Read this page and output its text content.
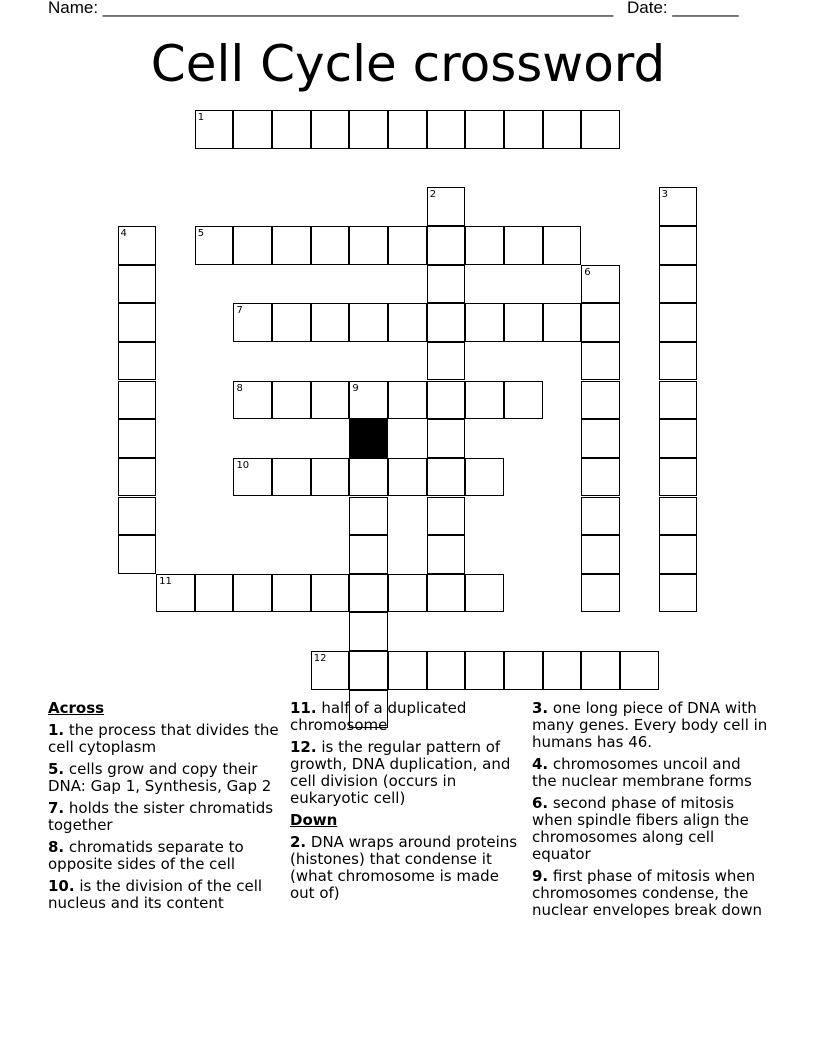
Name: ______________________________________________________ Date: _______
Cell Cycle crossword
1
2	3
4	5
6
7
8	9
10
11
12
Across
1. the process that divides the cell cytoplasm
5. cells grow and copy their DNA: Gap 1, Synthesis, Gap 2
7. holds the sister chromatids together
8. chromatids separate to opposite sides of the cell
10. is the division of the cell nucleus and its content
11. half of a duplicated chromosome
12. is the regular pattern of growth, DNA duplication, and cell division (occurs in eukaryotic cell)
Down
2. DNA wraps around proteins (histones) that condense it (what chromosome is made out of)
3. one long piece of DNA with many genes. Every body cell in humans has 46.
4. chromosomes uncoil and the nuclear membrane forms
6. second phase of mitosis when spindle fibers align the chromosomes along cell equator
9. first phase of mitosis when chromosomes condense, the nuclear envelopes break down
